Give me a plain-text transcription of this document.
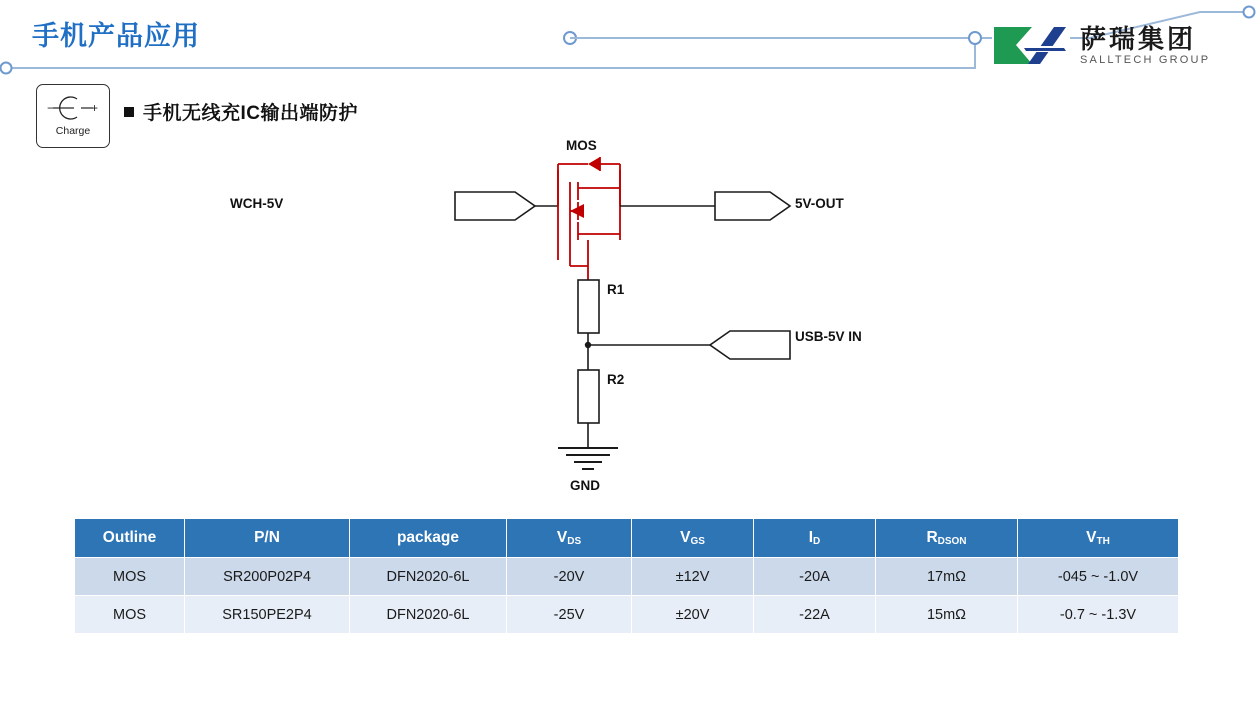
手机产品应用	萨瑞集团
SALLTECH GROUP
−	+
Charge
手机无线充IC输出端防护
MOS
WCH-5V	5V-OUT
R1
USB-5V IN
R2
GND
Outline	P/N	package	$V_{DS}$	$V_{GS}$	$I_D$	$R_{DSON}$	$V_{TH}$
MOS	SR200P02P4	DFN2020-6L	-20V	±12V	-20A	17mΩ	-045 ~ -1.0V
MOS	SR150PE2P4	DFN2020-6L	-25V	±20V	-22A	15mΩ	-0.7 ~ -1.3V
